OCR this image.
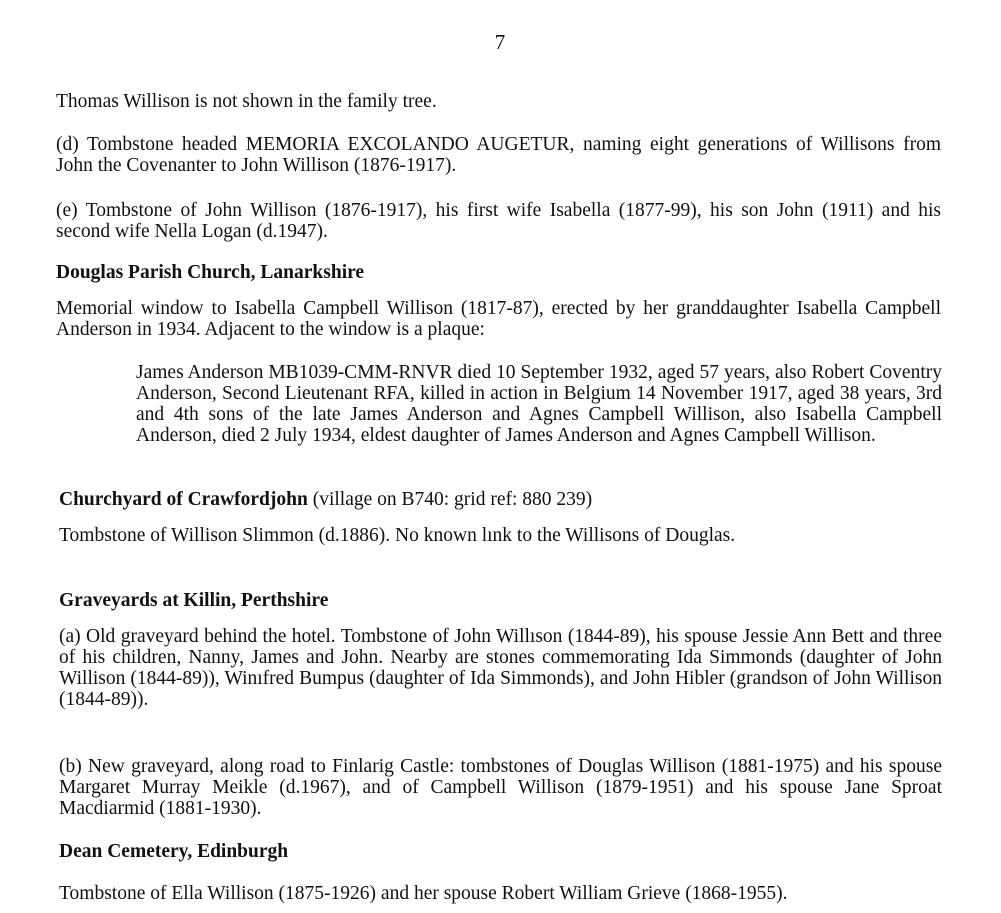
7

Thomas Willison is not shown in the family tree.

(d) Tombstone headed MEMORIA EXCOLANDO AUGETUR, naming eight generations of Willisons from John the Covenanter to John Willison (1876-1917).

(e) Tombstone of John Willison (1876-1917), his first wife Isabella (1877-99), his son John (1911) and his second wife Nella Logan (d.1947).

Douglas Parish Church, Lanarkshire

Memorial window to Isabella Campbell Willison (1817-87), erected by her granddaughter Isabella Campbell Anderson in 1934. Adjacent to the window is a plaque:

James Anderson MB1039-CMM-RNVR died 10 September 1932, aged 57 years, also Robert Coventry Anderson, Second Lieutenant RFA, killed in action in Belgium 14 November 1917, aged 38 years, 3rd and 4th sons of the late James Anderson and Agnes Campbell Willison, also Isabella Campbell Anderson, died 2 July 1934, eldest daughter of James Anderson and Agnes Campbell Willison.

Churchyard of Crawfordjohn (village on B740: grid ref: 880 239)

Tombstone of Willison Slimmon (d.1886). No known lınk to the Willisons of Douglas.

Graveyards at Killin, Perthshire

(a) Old graveyard behind the hotel. Tombstone of John Willıson (1844-89), his spouse Jessie Ann Bett and three of his children, Nanny, James and John. Nearby are stones commemorating Ida Simmonds (daughter of John Willison (1844-89)), Winıfred Bumpus (daughter of Ida Simmonds), and John Hibler (grandson of John Willison (1844-89)).

(b) New graveyard, along road to Finlarig Castle: tombstones of Douglas Willison (1881-1975) and his spouse Margaret Murray Meikle (d.1967), and of Campbell Willison (1879-1951) and his spouse Jane Sproat Macdiarmid (1881-1930).

Dean Cemetery, Edinburgh

Tombstone of Ella Willison (1875-1926) and her spouse Robert William Grieve (1868-1955).
